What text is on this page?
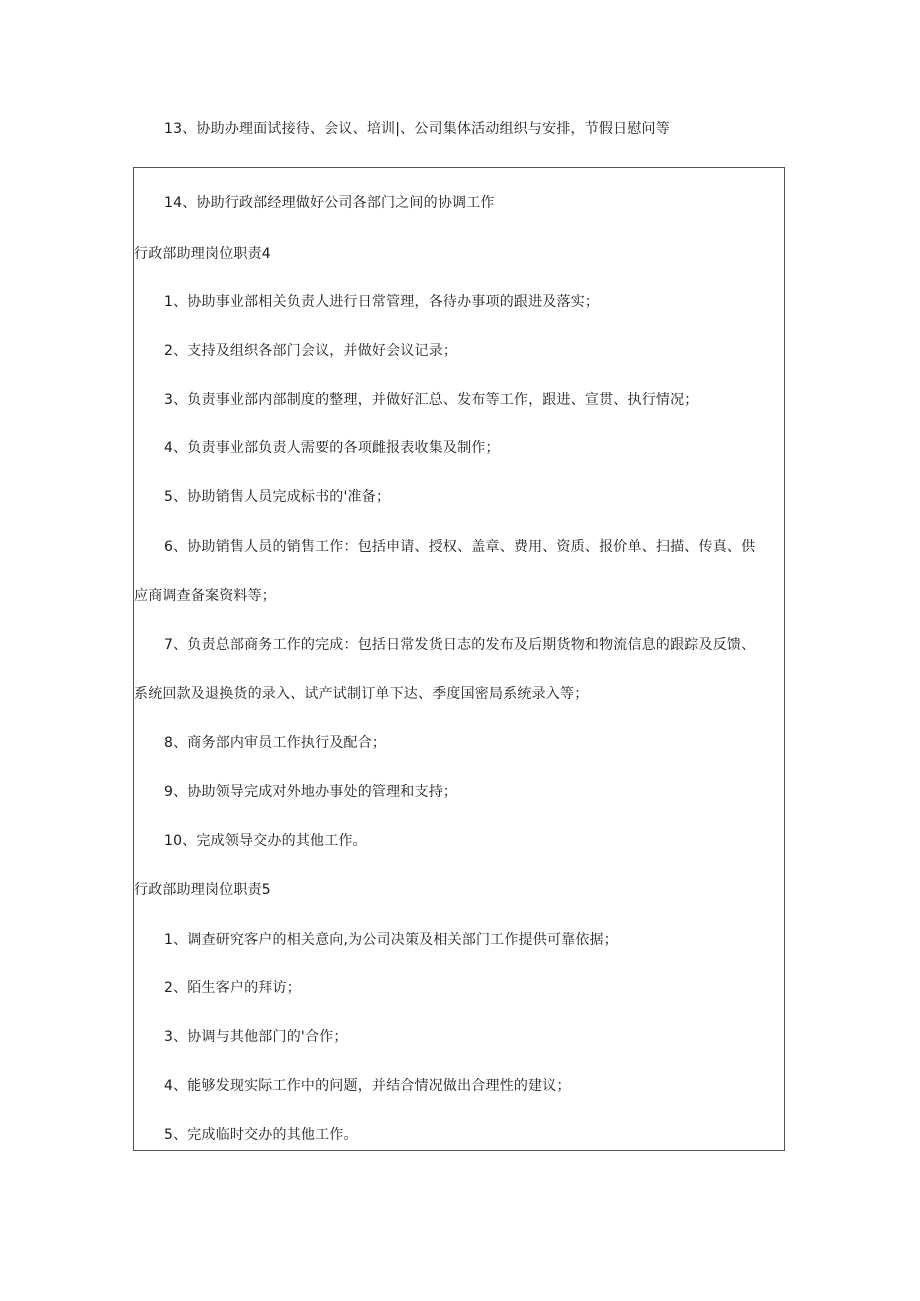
13、协助办理面试接待、会议、培训|、公司集体活动组织与安排，节假日慰问等
14、协助行政部经理做好公司各部门之间的协调工作
行政部助理岗位职责4
1、协助事业部相关负责人进行日常管理，各待办事项的跟进及落实；
2、支持及组织各部门会议，并做好会议记录；
3、负责事业部内部制度的整理，并做好汇总、发布等工作，跟进、宣贯、执行情况；
4、负责事业部负责人需要的各项雌报表收集及制作；
5、协助销售人员完成标书的'准备；
6、协助销售人员的销售工作：包括申请、授权、盖章、费用、资质、报价单、扫描、传真、供
应商调查备案资料等；
7、负责总部商务工作的完成：包括日常发货日志的发布及后期货物和物流信息的跟踪及反馈、
系统回款及退换货的录入、试产试制订单下达、季度国密局系统录入等；
8、商务部内审员工作执行及配合；
9、协助领导完成对外地办事处的管理和支持；
10、完成领导交办的其他工作。
行政部助理岗位职责5
1、调查研究客户的相关意向,为公司决策及相关部门工作提供可靠依据；
2、陌生客户的拜访；
3、协调与其他部门的'合作；
4、能够发现实际工作中的问题，并结合情况做出合理性的建议；
5、完成临时交办的其他工作。
